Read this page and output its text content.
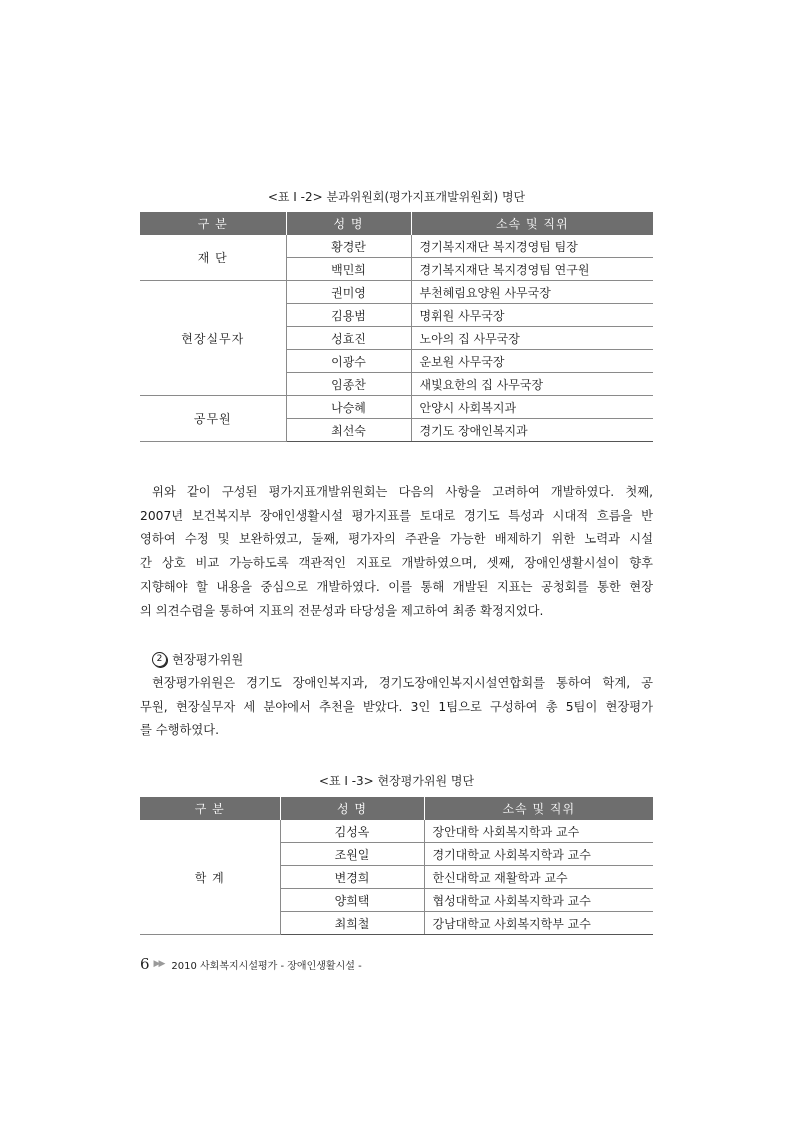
<표 Ⅰ -2> 분과위원회(평가지표개발위원회) 명단
구 분	성 명	소속 및 직위
재 단	황경란	경기복지재단 복지경영팀 팀장
	백민희	경기복지재단 복지경영팀 연구원
현장실무자	권미영	부천혜림요양원 사무국장
	김용범	명휘원 사무국장
	성효진	노아의 집 사무국장
	이광수	운보원 사무국장
	임종찬	새빛요한의 집 사무국장
공무원	나승혜	안양시 사회복지과
	최선숙	경기도 장애인복지과
위와 같이 구성된 평가지표개발위원회는 다음의 사항을 고려하여 개발하였다. 첫째,
2007년 보건복지부 장애인생활시설 평가지표를 토대로 경기도 특성과 시대적 흐름을 반
영하여 수정 및 보완하였고, 둘째, 평가자의 주관을 가능한 배제하기 위한 노력과 시설
간 상호 비교 가능하도록 객관적인 지표로 개발하였으며, 셋째, 장애인생활시설이 향후
지향해야 할 내용을 중심으로 개발하였다. 이를 통해 개발된 지표는 공청회를 통한 현장
의 의견수렴을 통하여 지표의 전문성과 타당성을 제고하여 최종 확정지었다.
2 현장평가위원
현장평가위원은 경기도 장애인복지과, 경기도장애인복지시설연합회를 통하여 학계, 공
무원, 현장실무자 세 분야에서 추천을 받았다. 3인 1팀으로 구성하여 총 5팀이 현장평가
를 수행하였다.
<표 Ⅰ -3> 현장평가위원 명단
구 분	성 명	소속 및 직위
학 계	김성옥	장안대학 사회복지학과 교수
	조원일	경기대학교 사회복지학과 교수
	변경희	한신대학교 재활학과 교수
	양희택	협성대학교 사회복지학과 교수
	최희철	강남대학교 사회복지학부 교수
6 ▶▶ 2010 사회복지시설평가 - 장애인생활시설 -
